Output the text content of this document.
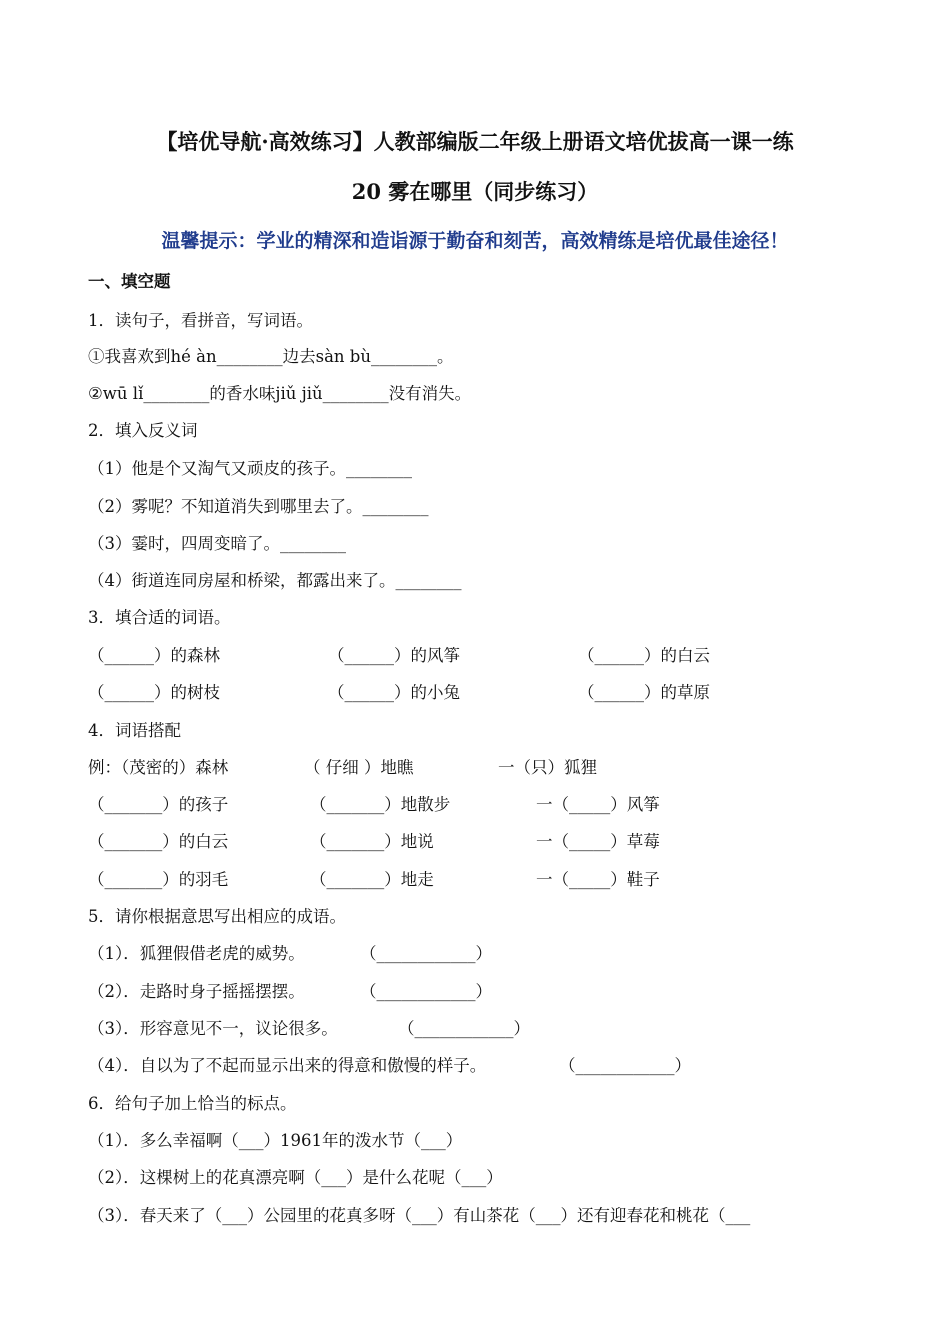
【培优导航·高效练习】人教部编版二年级上册语文培优拔高一课一练
20 雾在哪里（同步练习）
温馨提示：学业的精深和造诣源于勤奋和刻苦，高效精练是培优最佳途径！
一、填空题
1．读句子，看拼音，写词语。
①我喜欢到hé àn________边去sàn bù________。
②wū lǐ________的香水味jiǔ jiǔ________没有消失。
2．填入反义词
（1）他是个又淘气又顽皮的孩子。________
（2）雾呢？不知道消失到哪里去了。________
（3）霎时，四周变暗了。________
（4）街道连同房屋和桥梁，都露出来了。________
3．填合适的词语。
（______）的森林	（______）的风筝	（______）的白云
（______）的树枝	（______）的小兔	（______）的草原
4．词语搭配
例：（茂密的）森林	（ 仔细 ）地瞧	一（只）狐狸
（_______）的孩子	（_______）地散步	一（_____）风筝
（_______）的白云	（_______）地说	一（_____）草莓
（_______）的羽毛	（_______）地走	一（_____）鞋子
5．请你根据意思写出相应的成语。
（1）．狐狸假借老虎的威势。	（____________）
（2）．走路时身子摇摇摆摆。	（____________）
（3）．形容意见不一，议论很多。	（____________）
（4）．自以为了不起而显示出来的得意和傲慢的样子。	（____________）
6．给句子加上恰当的标点。
（1）．多么幸福啊（___）1961年的泼水节（___）
（2）．这棵树上的花真漂亮啊（___）是什么花呢（___）
（3）．春天来了（___）公园里的花真多呀（___）有山茶花（___）还有迎春花和桃花（___
